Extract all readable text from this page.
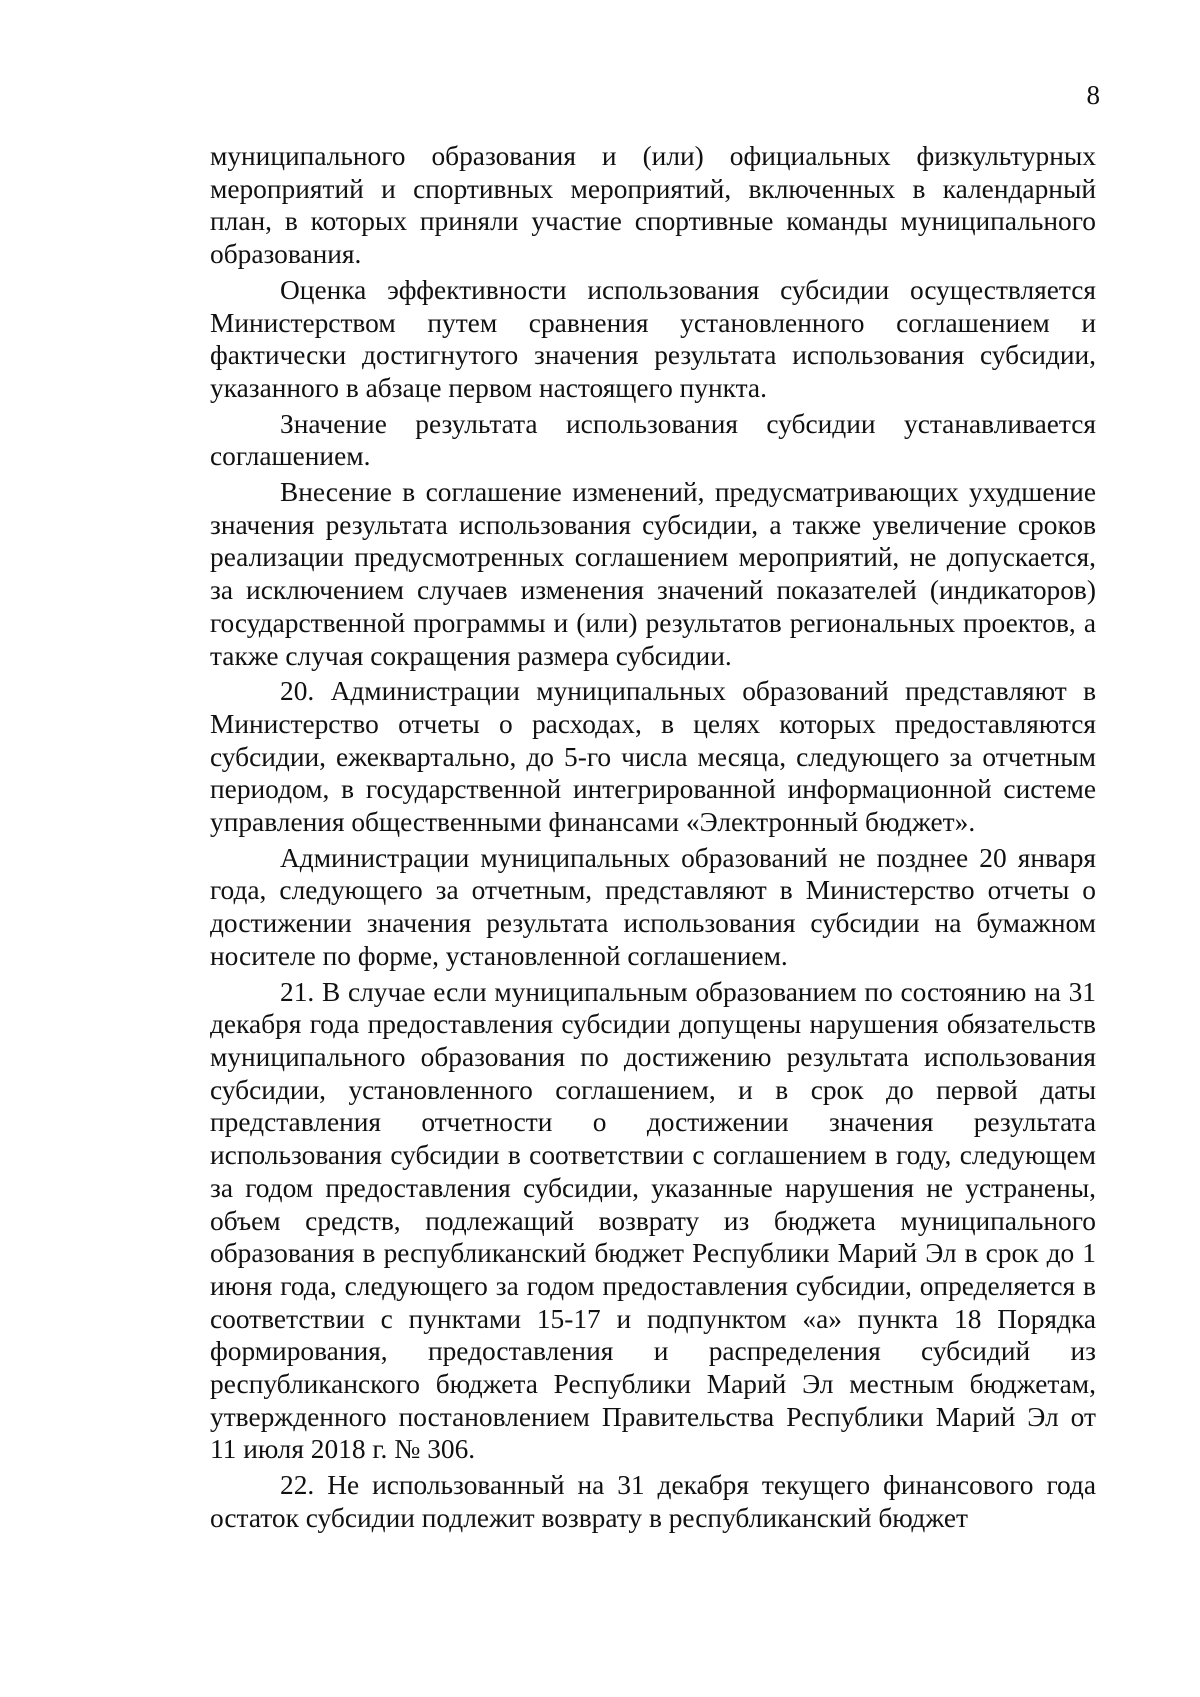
8

муниципального образования и (или) официальных физкультурных мероприятий и спортивных мероприятий, включенных в календарный план, в которых приняли участие спортивные команды муниципального образования.

Оценка эффективности использования субсидии осуществляется Министерством путем сравнения установленного соглашением и фактически достигнутого значения результата использования субсидии, указанного в абзаце первом настоящего пункта.

Значение результата использования субсидии устанавливается соглашением.

Внесение в соглашение изменений, предусматривающих ухудшение значения результата использования субсидии, а также увеличение сроков реализации предусмотренных соглашением мероприятий, не допускается, за исключением случаев изменения значений показателей (индикаторов) государственной программы и (или) результатов региональных проектов, а также случая сокращения размера субсидии.

20. Администрации муниципальных образований представляют в Министерство отчеты о расходах, в целях которых предоставляются субсидии, ежеквартально, до 5-го числа месяца, следующего за отчетным периодом, в государственной интегрированной информационной системе управления общественными финансами «Электронный бюджет».

Администрации муниципальных образований не позднее 20 января года, следующего за отчетным, представляют в Министерство отчеты о достижении значения результата использования субсидии на бумажном носителе по форме, установленной соглашением.

21. В случае если муниципальным образованием по состоянию на 31 декабря года предоставления субсидии допущены нарушения обязательств муниципального образования по достижению результата использования субсидии, установленного соглашением, и в срок до первой даты представления отчетности о достижении значения результата использования субсидии в соответствии с соглашением в году, следующем за годом предоставления субсидии, указанные нарушения не устранены, объем средств, подлежащий возврату из бюджета муниципального образования в республиканский бюджет Республики Марий Эл в срок до 1 июня года, следующего за годом предоставления субсидии, определяется в соответствии с пунктами 15-17 и подпунктом «а» пункта 18 Порядка формирования, предоставления и распределения субсидий из республиканского бюджета Республики Марий Эл местным бюджетам, утвержденного постановлением Правительства Республики Марий Эл от 11 июля 2018 г. № 306.

22. Не использованный на 31 декабря текущего финансового года остаток субсидии подлежит возврату в республиканский бюджет
